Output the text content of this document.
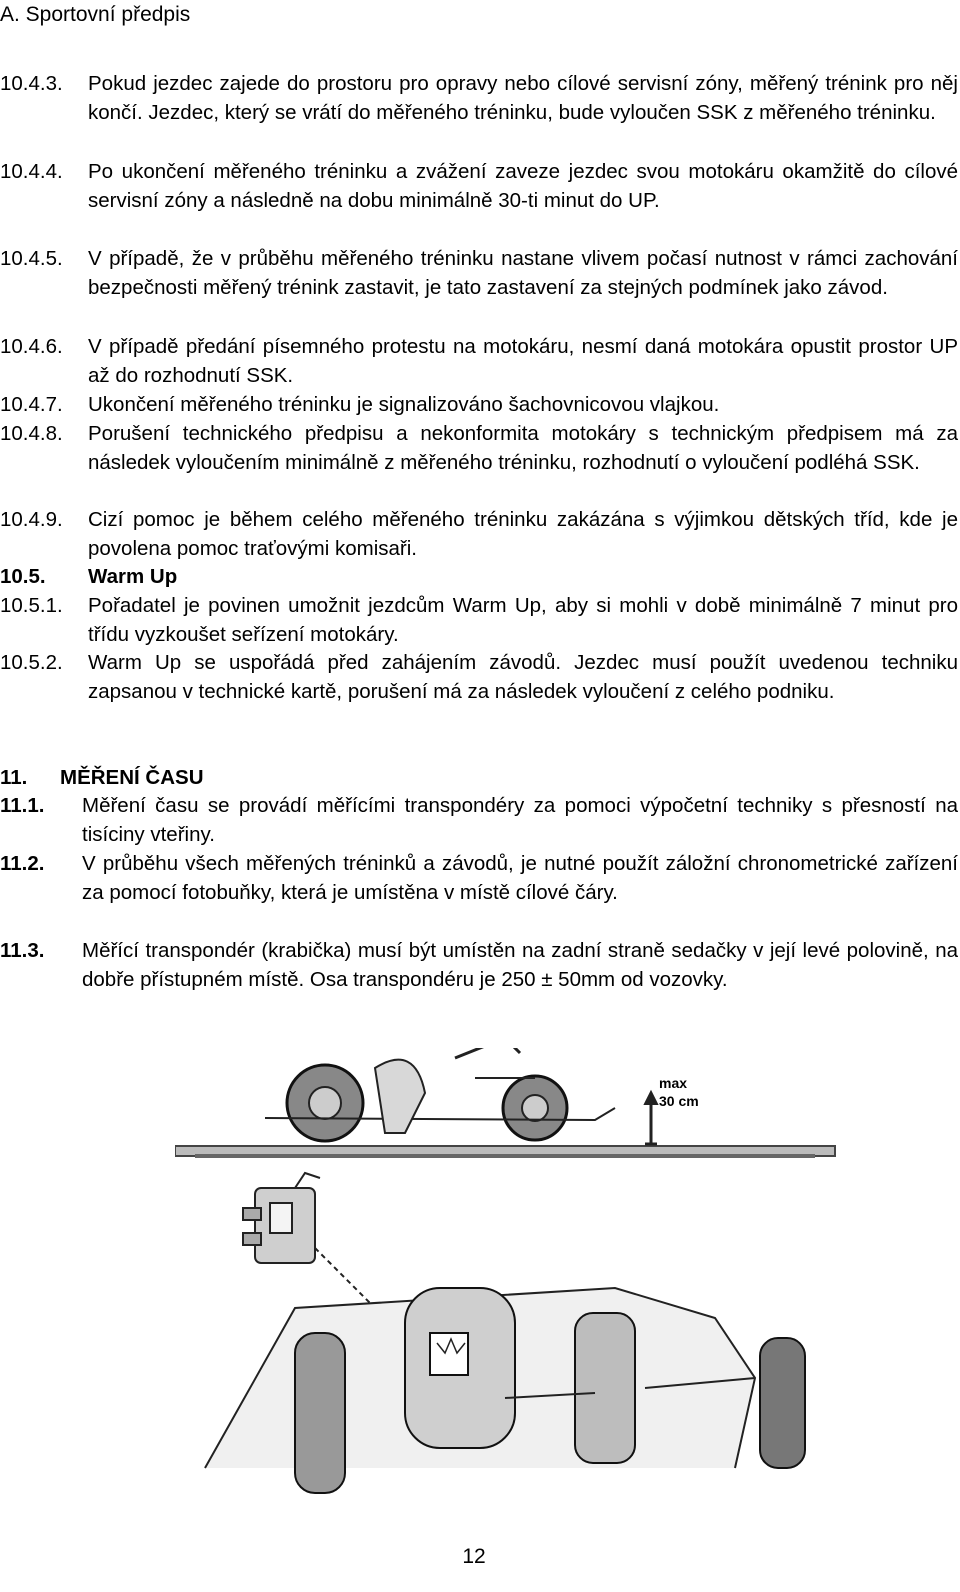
A. Sportovní předpis
10.4.3. Pokud jezdec zajede do prostoru pro opravy nebo cílové servisní zóny, měřený trénink pro něj končí. Jezdec, který se vrátí do měřeného tréninku, bude vyloučen SSK z měřeného tréninku.
10.4.4. Po ukončení měřeného tréninku a zvážení zaveze jezdec svou motokáru okamžitě do cílové servisní zóny a následně na dobu minimálně 30-ti minut do UP.
10.4.5. V případě, že v průběhu měřeného tréninku nastane vlivem počasí nutnost v rámci zachování bezpečnosti měřený trénink zastavit, je tato zastavení za stejných podmínek jako závod.
10.4.6. V případě předání písemného protestu na motokáru, nesmí daná motokára opustit prostor UP až do rozhodnutí SSK.
10.4.7. Ukončení měřeného tréninku je signalizováno šachovnicovou vlajkou.
10.4.8. Porušení technického předpisu a nekonformita motokáry s technickým předpisem má za následek vyloučením minimálně z měřeného tréninku, rozhodnutí o vyloučení podléhá SSK.
10.4.9. Cizí pomoc je během celého měřeného tréninku zakázána s výjimkou dětských tříd, kde je povolena pomoc traťovými komisaři.
10.5. Warm Up
10.5.1. Pořadatel je povinen umožnit jezdcům Warm Up, aby si mohli v době minimálně 7 minut pro třídu vyzkoušet seřízení motokáry.
10.5.2. Warm Up se uspořádá před zahájením závodů. Jezdec musí použít uvedenou techniku zapsanou v technické kartě, porušení má za následek vyloučení z celého podniku.
11. MĚŘENÍ ČASU
11.1. Měření času se provádí měřícími transpondéry za pomoci výpočetní techniky s přesností na tisíciny vteřiny.
11.2. V průběhu všech měřených tréninků a závodů, je nutné použít záložní chronometrické zařízení za pomocí fotobuňky, která je umístěna v místě cílové čáry.
11.3. Měřící transpondér (krabička) musí být umístěn na zadní straně sedačky v její levé polovině, na dobře přístupném místě. Osa transpondéru je 250 ± 50mm od vozovky.
max
30 cm
12
